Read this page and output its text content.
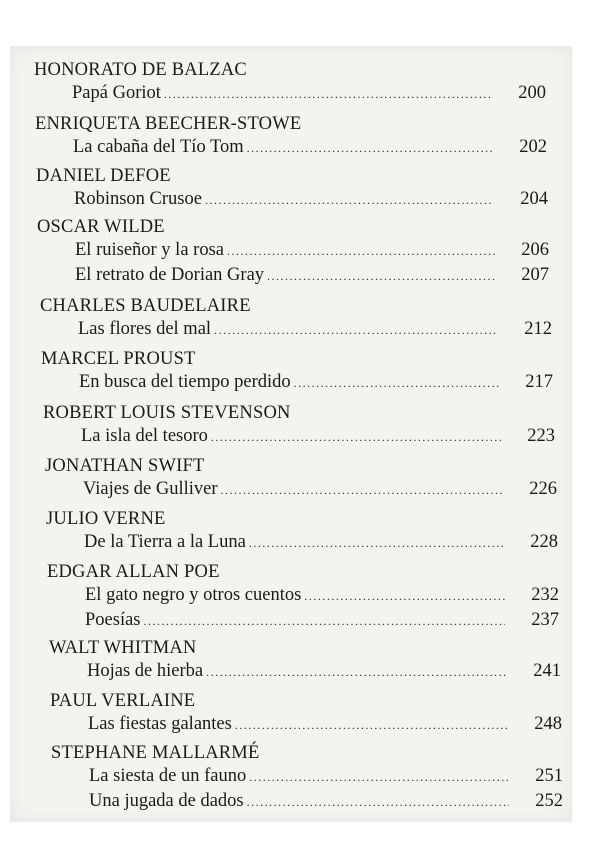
HONORATO DE BALZAC
Papá Goriot .....	200
ENRIQUETA BEECHER-STOWE
La cabaña del Tío Tom .....	202
DANIEL DEFOE
Robinson Crusoe .....	204
OSCAR WILDE
El ruiseñor y la rosa .....	206
El retrato de Dorian Gray .....	207
CHARLES BAUDELAIRE
Las flores del mal .....	212
MARCEL PROUST
En busca del tiempo perdido .....	217
ROBERT LOUIS STEVENSON
La isla del tesoro .....	223
JONATHAN SWIFT
Viajes de Gulliver .....	226
JULIO VERNE
De la Tierra a la Luna .....	228
EDGAR ALLAN POE
El gato negro y otros cuentos .....	232
Poesías .....	237
WALT WHITMAN
Hojas de hierba .....	241
PAUL VERLAINE
Las fiestas galantes .....	248
STEPHANE MALLARMÉ
La siesta de un fauno .....	251
Una jugada de dados .....	252
